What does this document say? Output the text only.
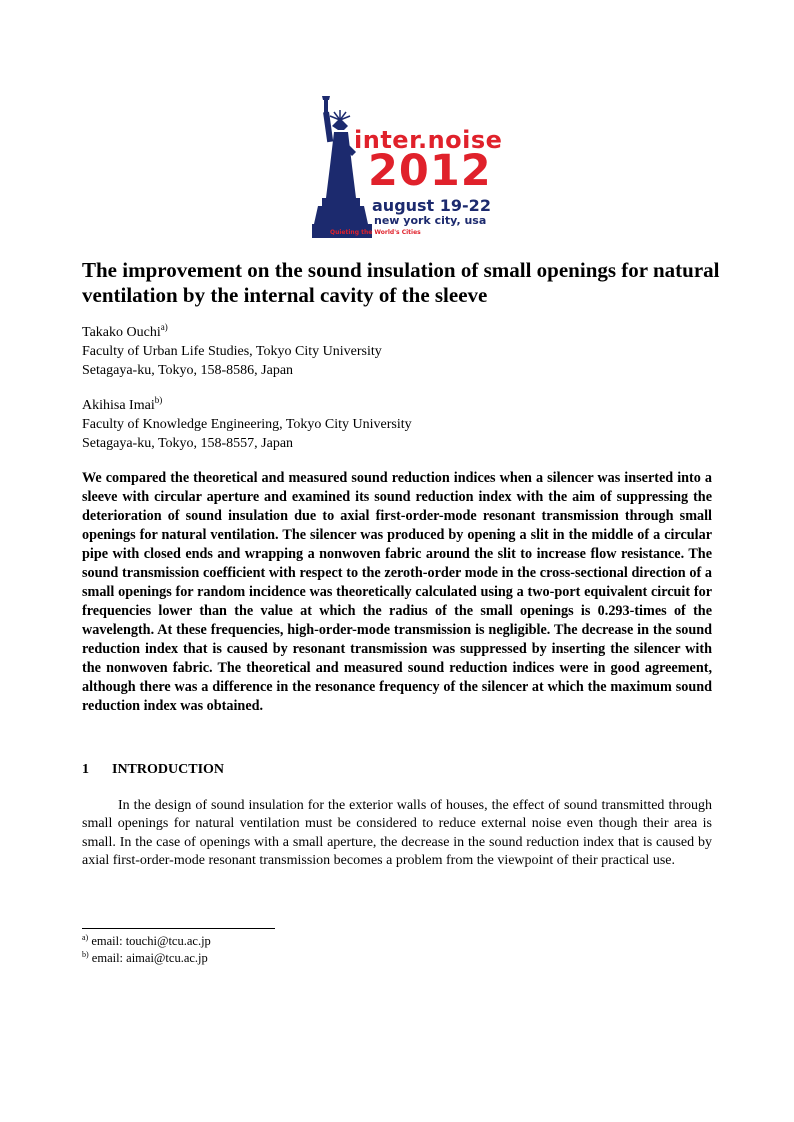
inter.noise
2012
august 19-22
new york city, usa
Quieting the World's Cities
The improvement on the sound insulation of small openings for natural ventilation by the internal cavity of the sleeve
Takako Ouchi$^{a)}$
Faculty of Urban Life Studies, Tokyo City University
Setagaya-ku, Tokyo, 158-8586, Japan
Akihisa Imai$^{b)}$
Faculty of Knowledge Engineering, Tokyo City University
Setagaya-ku, Tokyo, 158-8557, Japan

We compared the theoretical and measured sound reduction indices when a silencer was inserted into a sleeve with circular aperture and examined its sound reduction index with the aim of suppressing the deterioration of sound insulation due to axial first-order-mode resonant transmission through small openings for natural ventilation. The silencer was produced by opening a slit in the middle of a circular pipe with closed ends and wrapping a nonwoven fabric around the slit to increase flow resistance. The sound transmission coefficient with respect to the zeroth-order mode in the cross-sectional direction of a small openings for random incidence was theoretically calculated using a two-port equivalent circuit for frequencies lower than the value at which the radius of the small openings is 0.293-times of the wavelength. At these frequencies, high-order-mode transmission is negligible. The decrease in the sound reduction index that is caused by resonant transmission was suppressed by inserting the silencer with the nonwoven fabric. The theoretical and measured sound reduction indices were in good agreement, although there was a difference in the resonance frequency of the silencer at which the maximum sound reduction index was obtained.

1 INTRODUCTION

In the design of sound insulation for the exterior walls of houses, the effect of sound transmitted through small openings for natural ventilation must be considered to reduce external noise even though their area is small. In the case of openings with a small aperture, the decrease in the sound reduction index that is caused by axial first-order-mode resonant transmission becomes a problem from the viewpoint of their practical use.

$^{a)}$ email: touchi@tcu.ac.jp
$^{b)}$ email: aimai@tcu.ac.jp
